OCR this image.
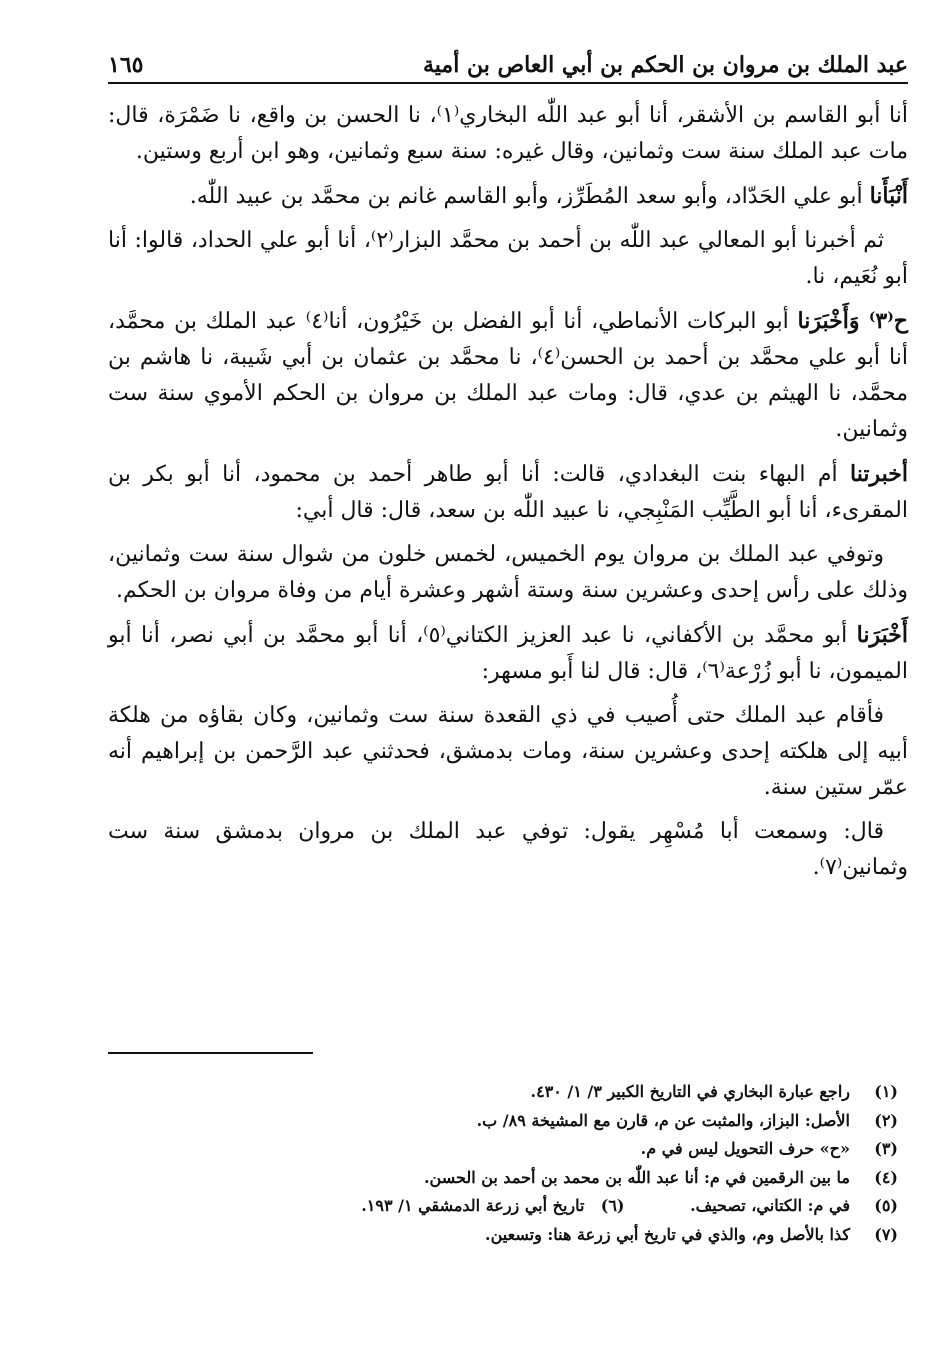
عبد الملك بن مروان بن الحكم بن أبي العاص بن أمية
١٦٥

أنا أبو القاسم بن الأشقر، أنا أبو عبد اللّٰه البخاري⁽١⁾، نا الحسن بن واقع، نا ضَمْرَة، قال: مات عبد الملك سنة ست وثمانين، وقال غيره: سنة سبع وثمانين، وهو ابن أربع وستين.

أَنْبَأَنا أبو علي الحَدّاد، وأبو سعد المُطَرِّز، وأبو القاسم غانم بن محمَّد بن عبيد اللّٰه.

ثم أخبرنا أبو المعالي عبد اللّٰه بن أحمد بن محمَّد البزار⁽٢⁾، أنا أبو علي الحداد، قالوا: أنا أبو نُعَيم، نا.

ح⁽٣⁾ وَأَخْبَرَنا أبو البركات الأنماطي، أنا أبو الفضل بن خَيْرُون، أنا⁽٤⁾ عبد الملك بن محمَّد، أنا أبو علي محمَّد بن أحمد بن الحسن⁽٤⁾، نا محمَّد بن عثمان بن أبي شَيبة، نا هاشم بن محمَّد، نا الهيثم بن عدي، قال: ومات عبد الملك بن مروان بن الحكم الأموي سنة ست وثمانين.

أخبرتنا أم البهاء بنت البغدادي، قالت: أنا أبو طاهر أحمد بن محمود، أنا أبو بكر بن المقرىء، أنا أبو الطَّيِّب المَنْبِجي، نا عبيد اللّٰه بن سعد، قال: قال أبي:

وتوفي عبد الملك بن مروان يوم الخميس، لخمس خلون من شوال سنة ست وثمانين، وذلك على رأس إحدى وعشرين سنة وستة أشهر وعشرة أيام من وفاة مروان بن الحكم.

أَخْبَرَنا أبو محمَّد بن الأكفاني، نا عبد العزيز الكتاني⁽٥⁾، أنا أبو محمَّد بن أبي نصر، أنا أبو الميمون، نا أبو زُرْعة⁽٦⁾، قال: قال لنا أَبو مسهر:

فأقام عبد الملك حتى أُصيب في ذي القعدة سنة ست وثمانين، وكان بقاؤه من هلكة أبيه إلى هلكته إحدى وعشرين سنة، ومات بدمشق، فحدثني عبد الرَّحمن بن إبراهيم أنه عمّر ستين سنة.

قال: وسمعت أبا مُسْهِر يقول: توفي عبد الملك بن مروان بدمشق سنة ست وثمانين⁽٧⁾.

(١)راجع عبارة البخاري في التاريخ الكبير ٣/ ١/ ٤٣٠.
(٢)الأصل: البزاز، والمثبت عن م، قارن مع المشيخة ٨٩/ ب.
(٣)«ح» حرف التحويل ليس في م.
(٤)ما بين الرقمين في م: أنا عبد اللّٰه بن محمد بن أحمد بن الحسن.
(٥)في م: الكتاني، تصحيف. (٦)تاريخ أبي زرعة الدمشقي ١/ ١٩٣.
(٧)كذا بالأصل وم، والذي في تاريخ أبي زرعة هنا: وتسعين.
